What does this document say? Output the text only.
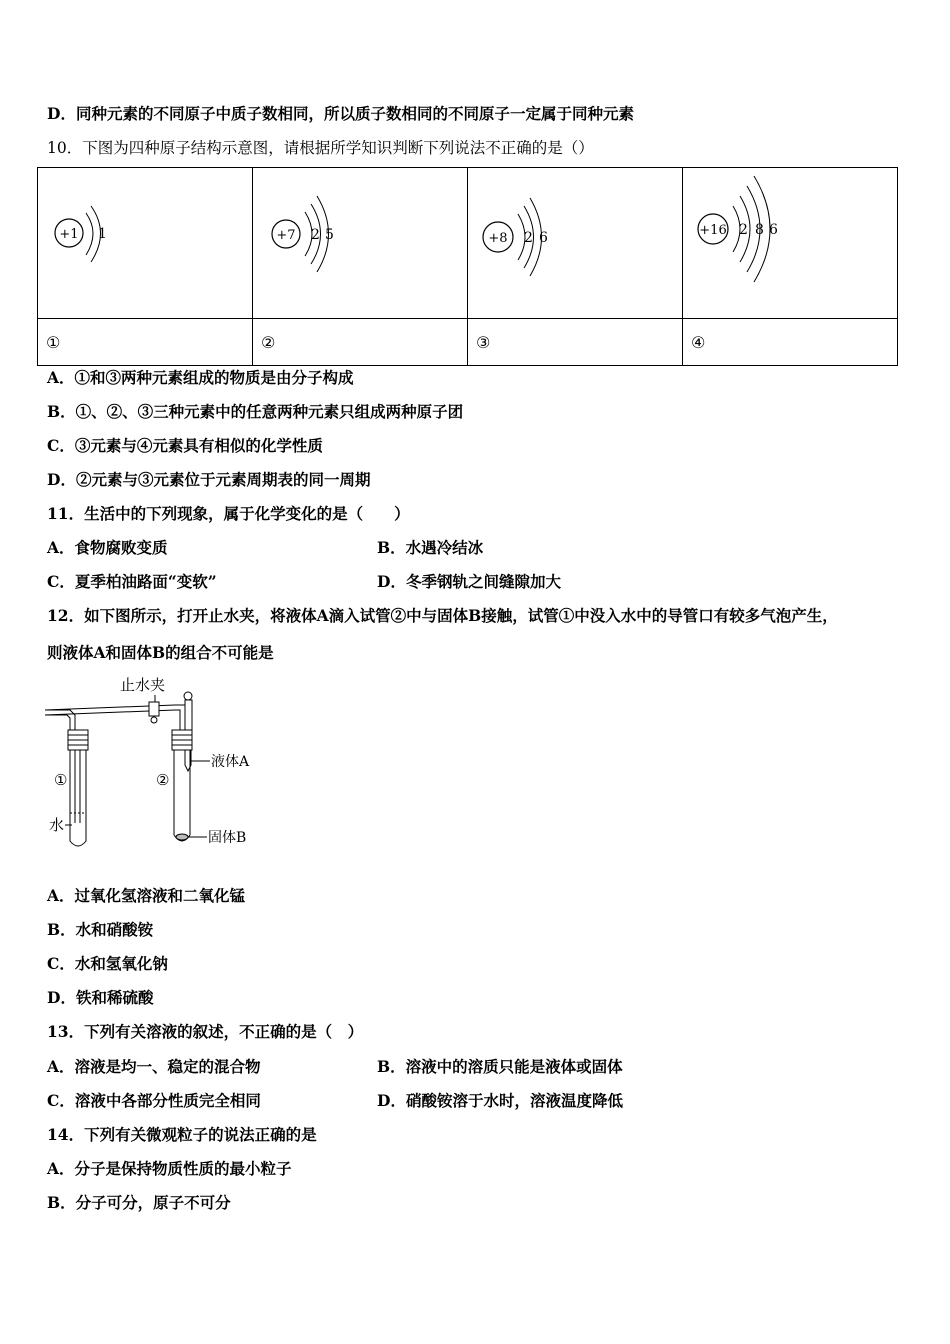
D．同种元素的不同原子中质子数相同，所以质子数相同的不同原子一定属于同种元素
10．下图为四种原子结构示意图，请根据所学知识判断下列说法不正确的是（）
+1 1	+7 2 5	+8 2 6	+16 2 8 6

①	②	③	④
A．①和③两种元素组成的物质是由分子构成
B．①、②、③三种元素中的任意两种元素只组成两种原子团
C．③元素与④元素具有相似的化学性质
D．②元素与③元素位于元素周期表的同一周期
11．生活中的下列现象，属于化学变化的是（　　）
A．食物腐败变质	B．水遇冷结冰
C．夏季柏油路面“变软”	D．冬季钢轨之间缝隙加大
12．如下图所示，打开止水夹，将液体A滴入试管②中与固体B接触，试管①中没入水中的导管口有较多气泡产生，
则液体A和固体B的组合不可能是
止水夹
①
水
②
液体A
固体B
A．过氧化氢溶液和二氧化锰
B．水和硝酸铵
C．水和氢氧化钠
D．铁和稀硫酸
13．下列有关溶液的叙述，不正确的是（　）
A．溶液是均一、稳定的混合物	B．溶液中的溶质只能是液体或固体
C．溶液中各部分性质完全相同	D．硝酸铵溶于水时，溶液温度降低
14．下列有关微观粒子的说法正确的是
A．分子是保持物质性质的最小粒子
B．分子可分，原子不可分
